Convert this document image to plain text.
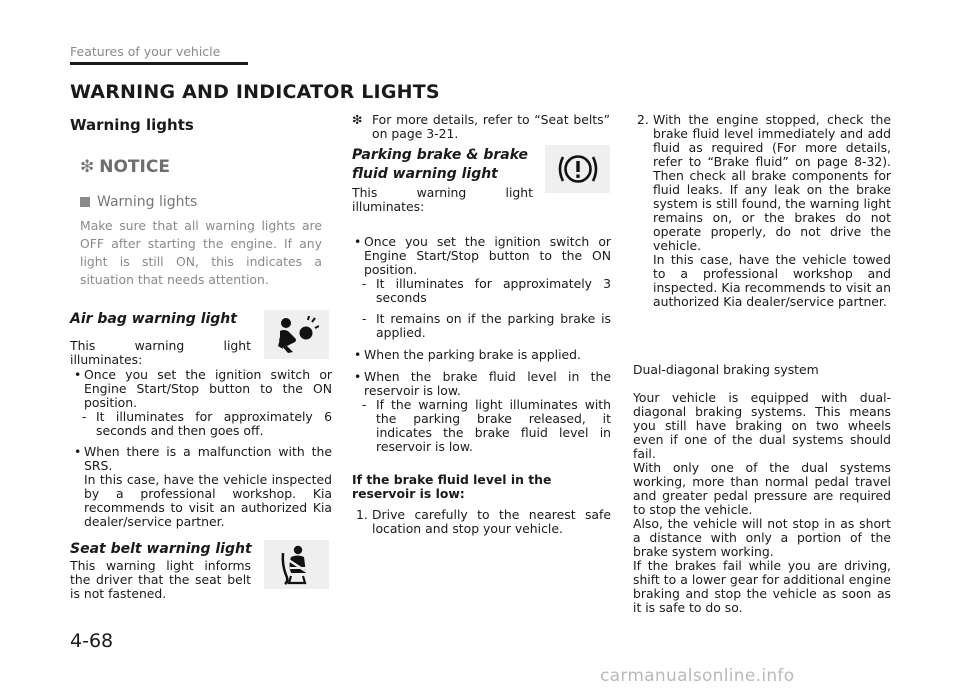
Features of your vehicle
WARNING AND INDICATOR LIGHTS
Warning lights
❇ NOTICE
Warning lights
Make sure that all warning lights are OFF after starting the engine. If any light is still ON, this indicates a situation that needs attention.
Air bag warning light

This warning light illuminates:

• Once you set the ignition switch or Engine Start/Stop button to the ON position.

- It illuminates for approximately 6 seconds and then goes off.

• When there is a malfunction with the SRS.

In this case, have the vehicle inspected by a professional workshop. Kia recommends to visit an authorized Kia dealer/service partner.

Seat belt warning light

This warning light informs the driver that the seat belt is not fastened.

❇ For more details, refer to “Seat belts” on page 3-21.

Parking brake & brake fluid warning light

This warning light illuminates:

• Once you set the ignition switch or Engine Start/Stop button to the ON position.

- It illuminates for approximately 3 seconds

- It remains on if the parking brake is applied.

• When the parking brake is applied.

• When the brake fluid level in the reservoir is low.

- If the warning light illuminates with the parking brake released, it indicates the brake fluid level in reservoir is low.

If the brake fluid level in the reservoir is low:

1. Drive carefully to the nearest safe location and stop your vehicle.

2. With the engine stopped, check the brake fluid level immediately and add fluid as required (For more details, refer to “Brake fluid” on page 8-32). Then check all brake components for fluid leaks. If any leak on the brake system is still found, the warning light remains on, or the brakes do not operate properly, do not drive the vehicle.

In this case, have the vehicle towed to a professional workshop and inspected. Kia recommends to visit an authorized Kia dealer/service partner.

Dual-diagonal braking system

Your vehicle is equipped with dual-diagonal braking systems. This means you still have braking on two wheels even if one of the dual systems should fail.

With only one of the dual systems working, more than normal pedal travel and greater pedal pressure are required to stop the vehicle.

Also, the vehicle will not stop in as short a distance with only a portion of the brake system working.

If the brakes fail while you are driving, shift to a lower gear for additional engine braking and stop the vehicle as soon as it is safe to do so.

4-68
carmanualsonline.info
